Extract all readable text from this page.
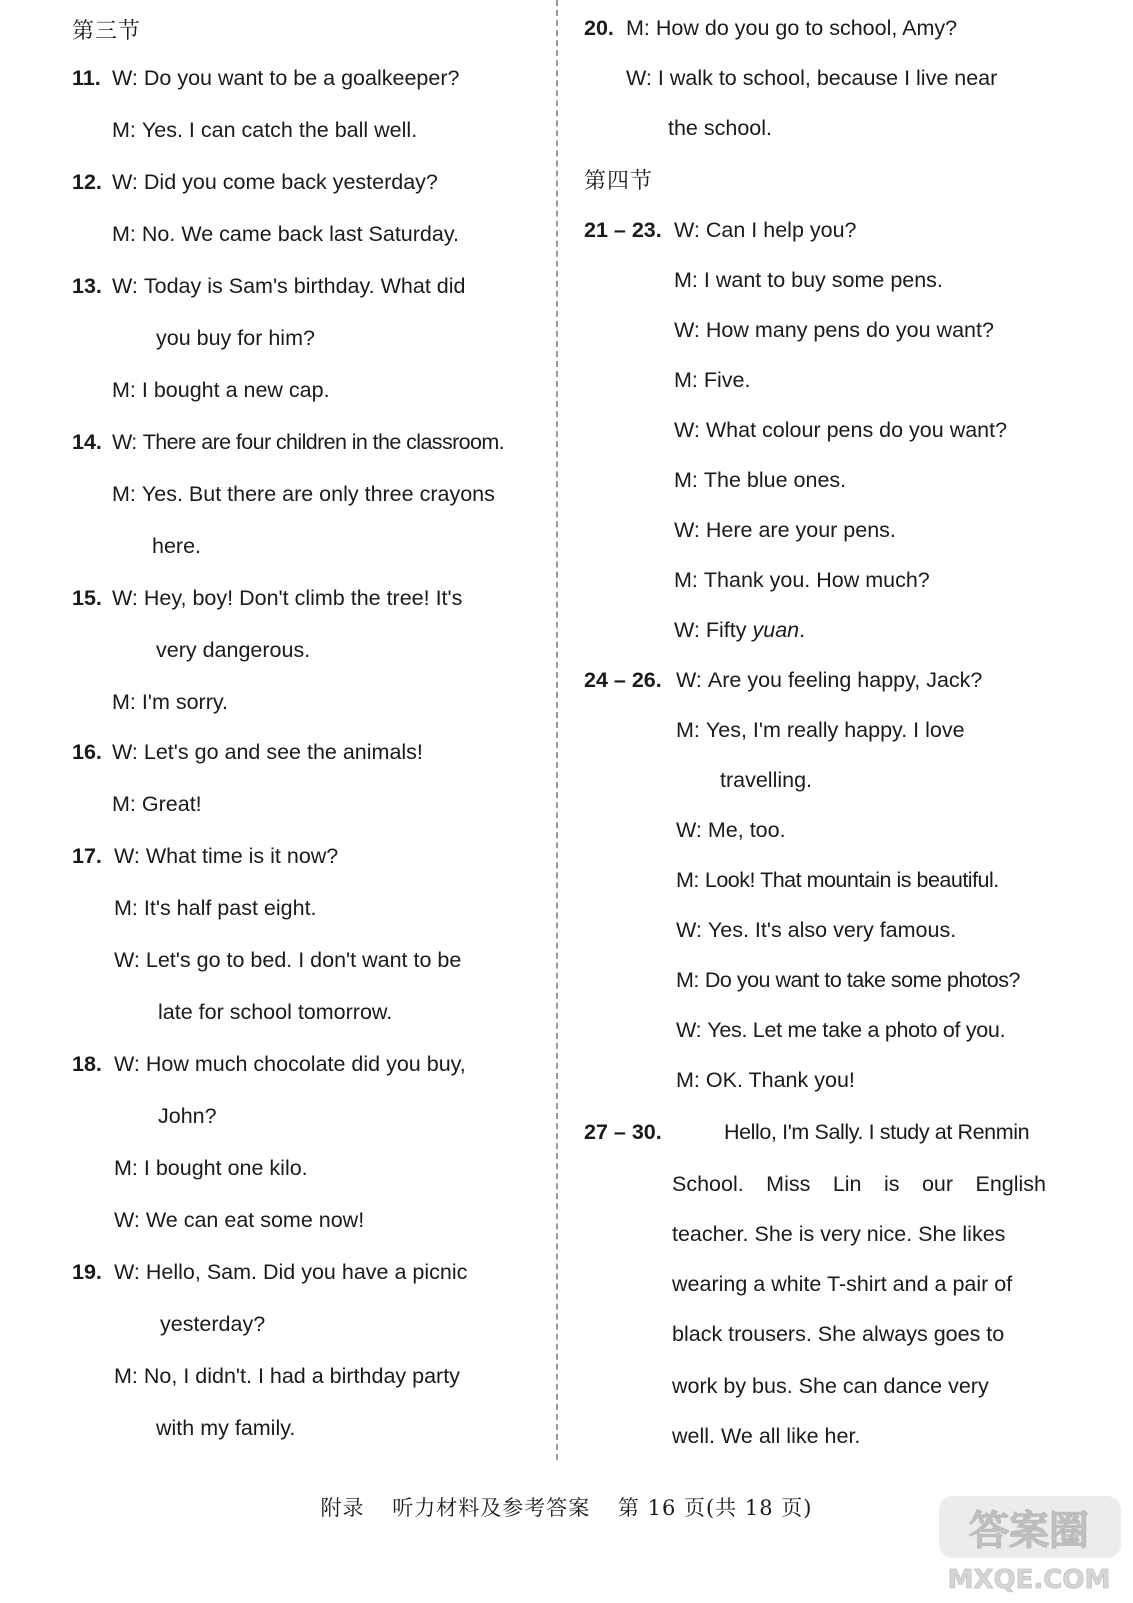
第三节
11. W: Do you want to be a goalkeeper?
M: Yes. I can catch the ball well.
12. W: Did you come back yesterday?
M: No. We came back last Saturday.
13. W: Today is Sam's birthday. What did
you buy for him?
M: I bought a new cap.
14. W: There are four children in the classroom.
M: Yes. But there are only three crayons
here.
15. W: Hey, boy! Don't climb the tree! It's
very dangerous.
M: I'm sorry.
16. W: Let's go and see the animals!
M: Great!
17. W: What time is it now?
M: It's half past eight.
W: Let's go to bed. I don't want to be
late for school tomorrow.
18. W: How much chocolate did you buy,
John?
M: I bought one kilo.
W: We can eat some now!
19. W: Hello, Sam. Did you have a picnic
yesterday?
M: No, I didn't. I had a birthday party
with my family.
20. M: How do you go to school, Amy?
W: I walk to school, because I live near
the school.
第四节
21 – 23. W: Can I help you?
M: I want to buy some pens.
W: How many pens do you want?
M: Five.
W: What colour pens do you want?
M: The blue ones.
W: Here are your pens.
M: Thank you. How much?
W: Fifty yuan.
24 – 26. W: Are you feeling happy, Jack?
M: Yes, I'm really happy. I love
travelling.
W: Me, too.
M: Look! That mountain is beautiful.
W: Yes. It's also very famous.
M: Do you want to take some photos?
W: Yes. Let me take a photo of you.
M: OK. Thank you!
27 – 30.	Hello, I'm Sally. I study at Renmin
School. Miss Lin is our English
teacher. She is very nice. She likes
wearing a white T-shirt and a pair of
black trousers. She always goes to
work by bus. She can dance very
well. We all like her.
附录 听力材料及参考答案 第 16 页(共 18 页)	答案圈
MXQE.COM
